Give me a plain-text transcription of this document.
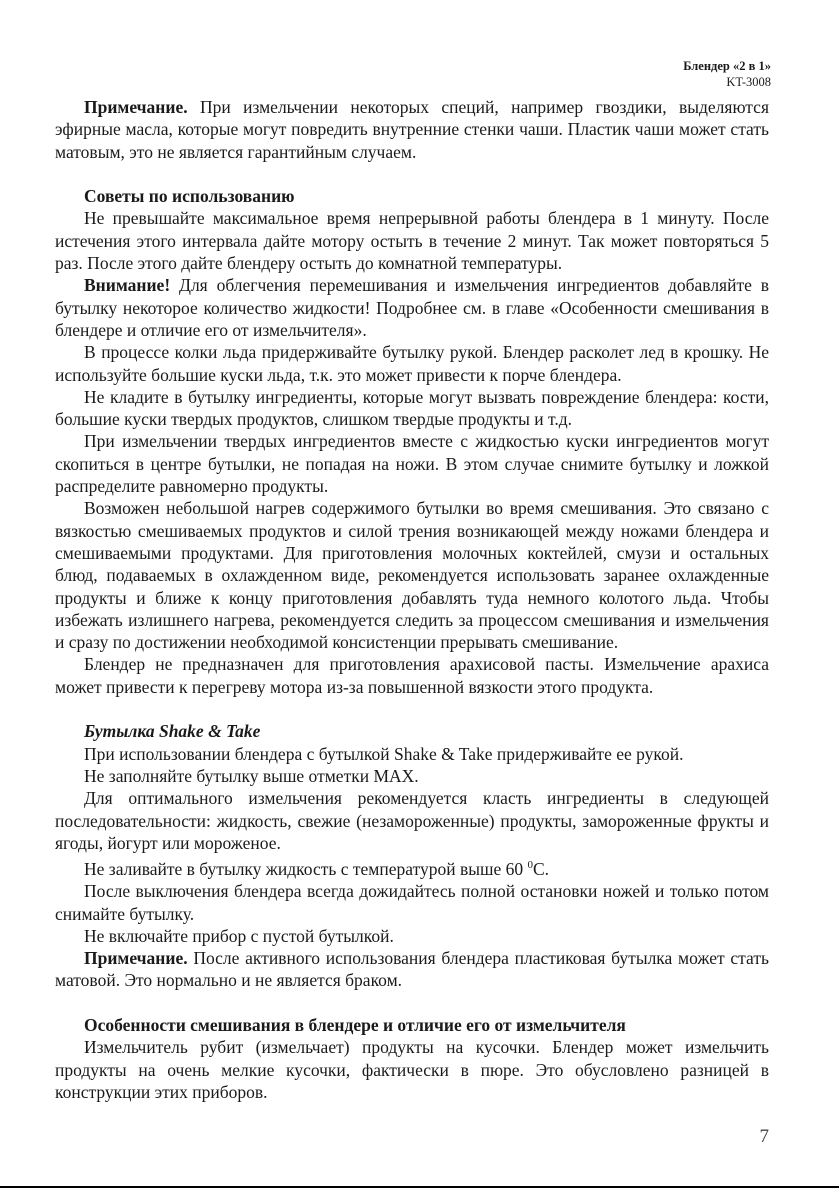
Блендер «2 в 1»
KT-3008

Примечание. При измельчении некоторых специй, например гвоздики, выделяются эфирные масла, которые могут повредить внутренние стенки чаши. Пластик чаши может стать матовым, это не является гарантийным случаем.

Советы по использованию

Не превышайте максимальное время непрерывной работы блендера в 1 минуту. После истечения этого интервала дайте мотору остыть в течение 2 минут. Так может повторяться 5 раз. После этого дайте блендеру остыть до комнатной температуры.

Внимание! Для облегчения перемешивания и измельчения ингредиентов добавляйте в бутылку некоторое количество жидкости! Подробнее см. в главе «Особенности смешивания в блендере и отличие его от измельчителя».

В процессе колки льда придерживайте бутылку рукой. Блендер расколет лед в крошку. Не используйте большие куски льда, т.к. это может привести к порче блендера.

Не кладите в бутылку ингредиенты, которые могут вызвать повреждение блендера: кости, большие куски твердых продуктов, слишком твердые продукты и т.д.

При измельчении твердых ингредиентов вместе с жидкостью куски ингредиентов могут скопиться в центре бутылки, не попадая на ножи. В этом случае снимите бутылку и ложкой распределите равномерно продукты.

Возможен небольшой нагрев содержимого бутылки во время смешивания. Это связано с вязкостью смешиваемых продуктов и силой трения возникающей между ножами блендера и смешиваемыми продуктами. Для приготовления молочных коктейлей, смузи и остальных блюд, подаваемых в охлажденном виде, рекомендуется использовать заранее охлажденные продукты и ближе к концу приготовления добавлять туда немного колотого льда. Чтобы избежать излишнего нагрева, рекомендуется следить за процессом смешивания и измельчения и сразу по достижении необходимой консистенции прерывать смешивание.

Блендер не предназначен для приготовления арахисовой пасты. Измельчение арахиса может привести к перегреву мотора из-за повышенной вязкости этого продукта.

Бутылка Shake & Take

При использовании блендера с бутылкой Shake & Take придерживайте ее рукой.

Не заполняйте бутылку выше отметки MAX.

Для оптимального измельчения рекомендуется класть ингредиенты в следующей последовательности: жидкость, свежие (незамороженные) продукты, замороженные фрукты и ягоды, йогурт или мороженое.

Не заливайте в бутылку жидкость с температурой выше 60 $^0$С.

После выключения блендера всегда дожидайтесь полной остановки ножей и только потом снимайте бутылку.

Не включайте прибор с пустой бутылкой.

Примечание. После активного использования блендера пластиковая бутылка может стать матовой. Это нормально и не является браком.

Особенности смешивания в блендере и отличие его от измельчителя

Измельчитель рубит (измельчает) продукты на кусочки. Блендер может измельчить продукты на очень мелкие кусочки, фактически в пюре. Это обусловлено разницей в конструкции этих приборов.

7
